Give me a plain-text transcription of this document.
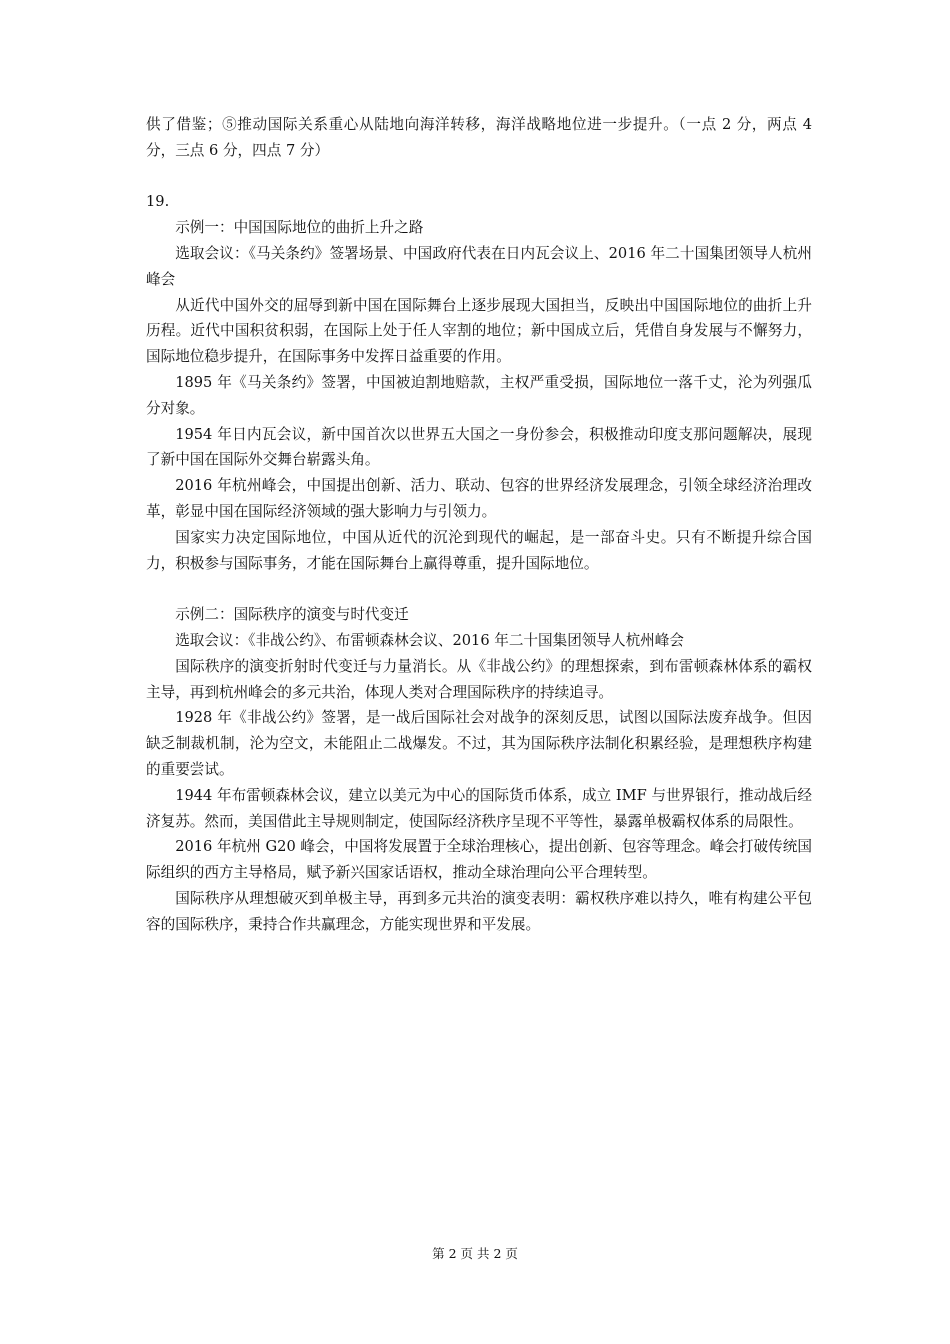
供了借鉴；⑤推动国际关系重心从陆地向海洋转移，海洋战略地位进一步提升。（一点 2 分，两点 4 分，三点 6 分，四点 7 分）

19.

示例一：中国国际地位的曲折上升之路

选取会议：《马关条约》签署场景、中国政府代表在日内瓦会议上、2016 年二十国集团领导人杭州峰会

从近代中国外交的屈辱到新中国在国际舞台上逐步展现大国担当，反映出中国国际地位的曲折上升历程。近代中国积贫积弱，在国际上处于任人宰割的地位；新中国成立后，凭借自身发展与不懈努力，国际地位稳步提升，在国际事务中发挥日益重要的作用。

1895 年《马关条约》签署，中国被迫割地赔款，主权严重受损，国际地位一落千丈，沦为列强瓜分对象。

1954 年日内瓦会议，新中国首次以世界五大国之一身份参会，积极推动印度支那问题解决，展现了新中国在国际外交舞台崭露头角。

2016 年杭州峰会，中国提出创新、活力、联动、包容的世界经济发展理念，引领全球经济治理改革，彰显中国在国际经济领域的强大影响力与引领力。

国家实力决定国际地位，中国从近代的沉沦到现代的崛起，是一部奋斗史。只有不断提升综合国力，积极参与国际事务，才能在国际舞台上赢得尊重，提升国际地位。

示例二：国际秩序的演变与时代变迁

选取会议：《非战公约》、布雷顿森林会议、2016 年二十国集团领导人杭州峰会

国际秩序的演变折射时代变迁与力量消长。从《非战公约》的理想探索，到布雷顿森林体系的霸权主导，再到杭州峰会的多元共治，体现人类对合理国际秩序的持续追寻。

1928 年《非战公约》签署，是一战后国际社会对战争的深刻反思，试图以国际法废弃战争。但因缺乏制裁机制，沦为空文，未能阻止二战爆发。不过，其为国际秩序法制化积累经验，是理想秩序构建的重要尝试。

1944 年布雷顿森林会议，建立以美元为中心的国际货币体系，成立 IMF 与世界银行，推动战后经济复苏。然而，美国借此主导规则制定，使国际经济秩序呈现不平等性，暴露单极霸权体系的局限性。

2016 年杭州 G20 峰会，中国将发展置于全球治理核心，提出创新、包容等理念。峰会打破传统国际组织的西方主导格局，赋予新兴国家话语权，推动全球治理向公平合理转型。

国际秩序从理想破灭到单极主导，再到多元共治的演变表明：霸权秩序难以持久，唯有构建公平包容的国际秩序，秉持合作共赢理念，方能实现世界和平发展。

第 2 页 共 2 页
